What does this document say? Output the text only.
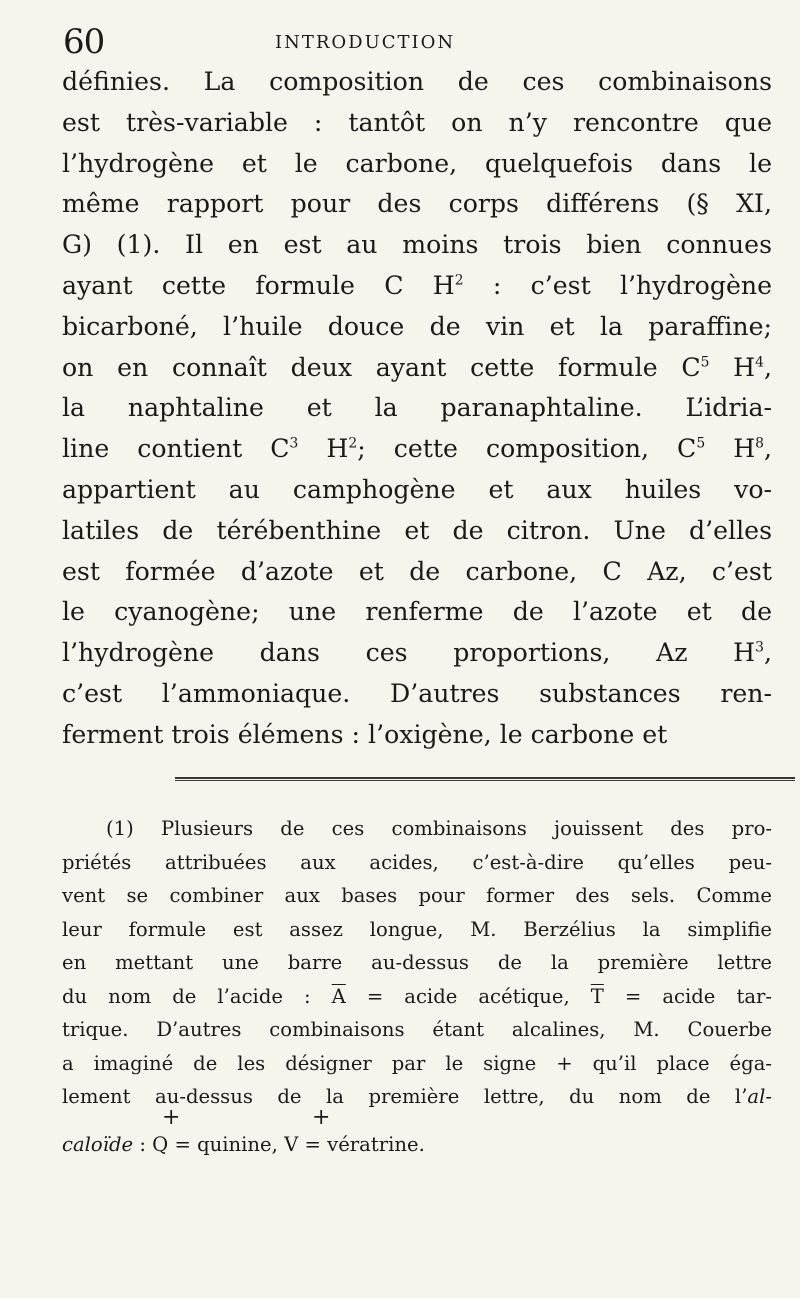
60	INTRODUCTION
définies. La composition de ces combinaisons
est très-variable : tantôt on n’y rencontre que
l’hydrogène et le carbone, quelquefois dans le
même rapport pour des corps différens (§ XI,
G) (1). Il en est au moins trois bien connues
ayant cette formule C $H^2$ : c’est l’hydrogène
bicarboné, l’huile douce de vin et la paraffine;
on en connaît deux ayant cette formule $C^5$ $H^4$,
la naphtaline et la paranaphtaline. L’idria-
line contient $C^3$ $H^2$; cette composition, $C^5$ $H^8$,
appartient au camphogène et aux huiles vo-
latiles de térébenthine et de citron. Une d’elles
est formée d’azote et de carbone, C Az, c’est
le cyanogène; une renferme de l’azote et de
l’hydrogène dans ces proportions, Az $H^3$,
c’est l’ammoniaque. D’autres substances ren-
ferment trois élémens : l’oxigène, le carbone et
(1) Plusieurs de ces combinaisons jouissent des pro-
priétés attribuées aux acides, c’est-à-dire qu’elles peu-
vent se combiner aux bases pour former des sels. Comme
leur formule est assez longue, M. Berzélius la simplifie
en mettant une barre au-dessus de la première lettre
du nom de l’acide : $\overline{A}$ = acide acétique, $\overline{T}$ = acide tar-
trique. D’autres combinaisons étant alcalines, M. Couerbe
a imaginé de les désigner par le signe + qu’il place éga-
lement au-dessus de la première lettre, du nom de l’al-
caloïde : Q = quinine, V = vératrine.
+	+
